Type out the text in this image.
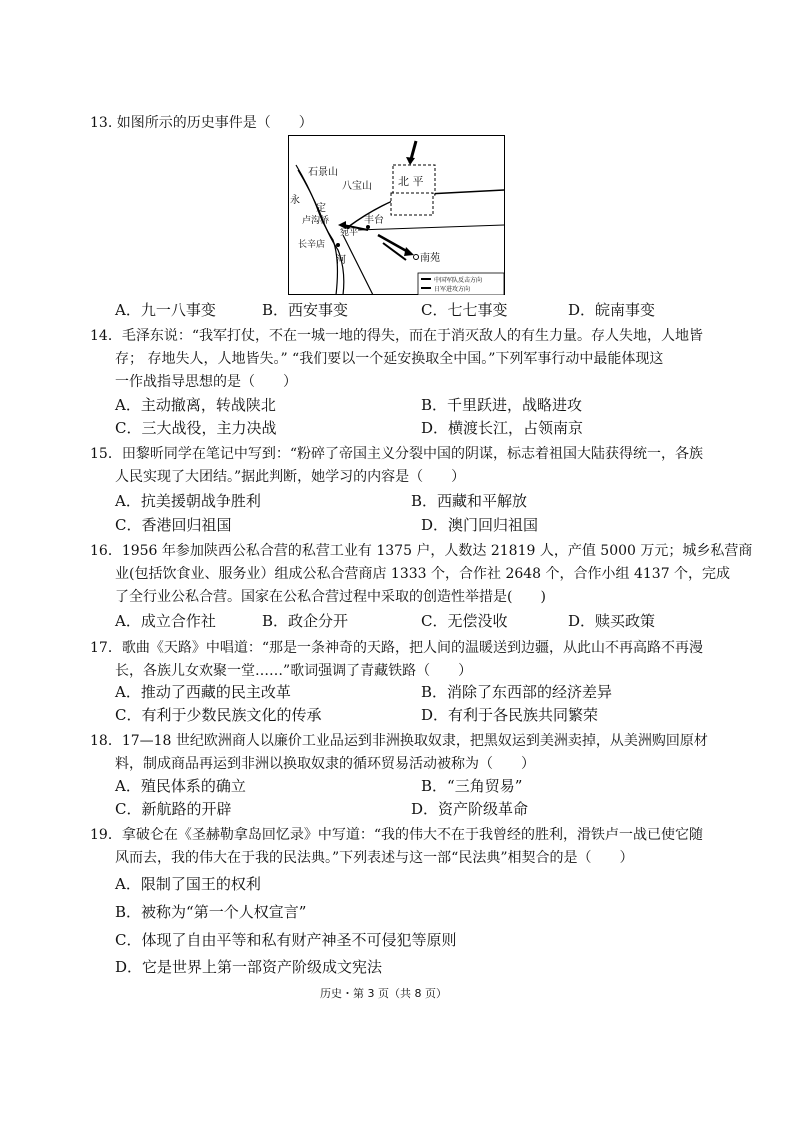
13. 如图所示的历史事件是（　　）
石景山
八宝山 北 平
永
定
卢沟桥
宛平
丰台
长辛店
河	南苑
中国军队反击方向
日军进攻方向
A．九一八事变	B．西安事变	C．七七事变	D．皖南事变
14．毛泽东说：“我军打仗，不在一城一地的得失，而在于消灭敌人的有生力量。存人失地，人地皆
存； 存地失人，人地皆失。” “我们要以一个延安换取全中国。”下列军事行动中最能体现这
一作战指导思想的是（　　）
A．主动撤离，转战陕北	B．千里跃进，战略进攻
C．三大战役，主力决战	D．横渡长江，占领南京
15．田黎昕同学在笔记中写到：“粉碎了帝国主义分裂中国的阴谋，标志着祖国大陆获得统一，各族
人民实现了大团结。”据此判断，她学习的内容是（　　）
A．抗美援朝战争胜利	B．西藏和平解放
C．香港回归祖国	D．澳门回归祖国
16．1956 年参加陕西公私合营的私营工业有 1375 户，人数达 21819 人，产值 5000 万元；城乡私营商
业(包括饮食业、服务业）组成公私合营商店 1333 个，合作社 2648 个，合作小组 4137 个，完成
了全行业公私合营。国家在公私合营过程中采取的创造性举措是(　　)
A．成立合作社	B．政企分开	C．无偿没收	D．赎买政策
17．歌曲《天路》中唱道：“那是一条神奇的天路，把人间的温暖送到边疆，从此山不再高路不再漫
长，各族儿女欢聚一堂……”歌词强调了青藏铁路（　　）
A．推动了西藏的民主改革	B．消除了东西部的经济差异
C．有利于少数民族文化的传承	D．有利于各民族共同繁荣
18．17—18 世纪欧洲商人以廉价工业品运到非洲换取奴隶，把黑奴运到美洲卖掉，从美洲购回原材
料，制成商品再运到非洲以换取奴隶的循环贸易活动被称为（　　）
A．殖民体系的确立	B．“三角贸易”
C．新航路的开辟	D．资产阶级革命
19．拿破仑在《圣赫勒拿岛回忆录》中写道：“我的伟大不在于我曾经的胜利，滑铁卢一战已使它随
风而去，我的伟大在于我的民法典。”下列表述与这一部“民法典”相契合的是（　　）
A．限制了国王的权利
B．被称为“第一个人权宣言”
C．体现了自由平等和私有财产神圣不可侵犯等原则
D．它是世界上第一部资产阶级成文宪法
历史・第 3 页（共 8 页）
